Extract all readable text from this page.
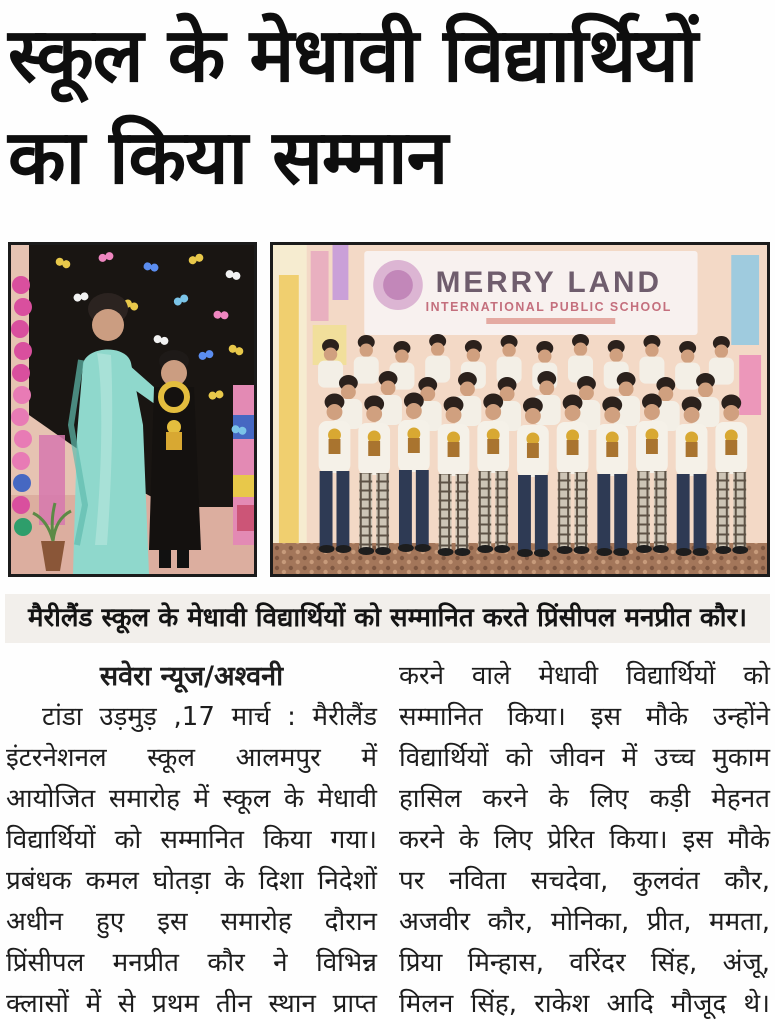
स्कूल के मेधावी विद्यार्थियों
का किया सम्मान
MERRY LAND
INTERNATIONAL PUBLIC SCHOOL
मैरीलैंड स्कूल के मेधावी विद्यार्थियों को सम्मानित करते प्रिंसीपल मनप्रीत कौर।
सवेरा न्यूज/अश्वनी
टांडा उड़मुड़ ,17 मार्च : मैरीलैंड
इंटरनेशनल स्कूल आलमपुर में
आयोजित समारोह में स्कूल के मेधावी
विद्यार्थियों को सम्मानित किया गया।
प्रबंधक कमल घोतड़ा के दिशा निदेशों
अधीन हुए इस समारोह दौरान
प्रिंसीपल मनप्रीत कौर ने विभिन्न
क्लासों में से प्रथम तीन स्थान प्राप्त
करने वाले मेधावी विद्यार्थियों को
सम्मानित किया। इस मौके उन्होंने
विद्यार्थियों को जीवन में उच्च मुकाम
हासिल करने के लिए कड़ी मेहनत
करने के लिए प्रेरित किया। इस मौके
पर नविता सचदेवा, कुलवंत कौर,
अजवीर कौर, मोनिका, प्रीत, ममता,
प्रिया मिन्हास, वरिंदर सिंह, अंजू,
मिलन सिंह, राकेश आदि मौजूद थे।
